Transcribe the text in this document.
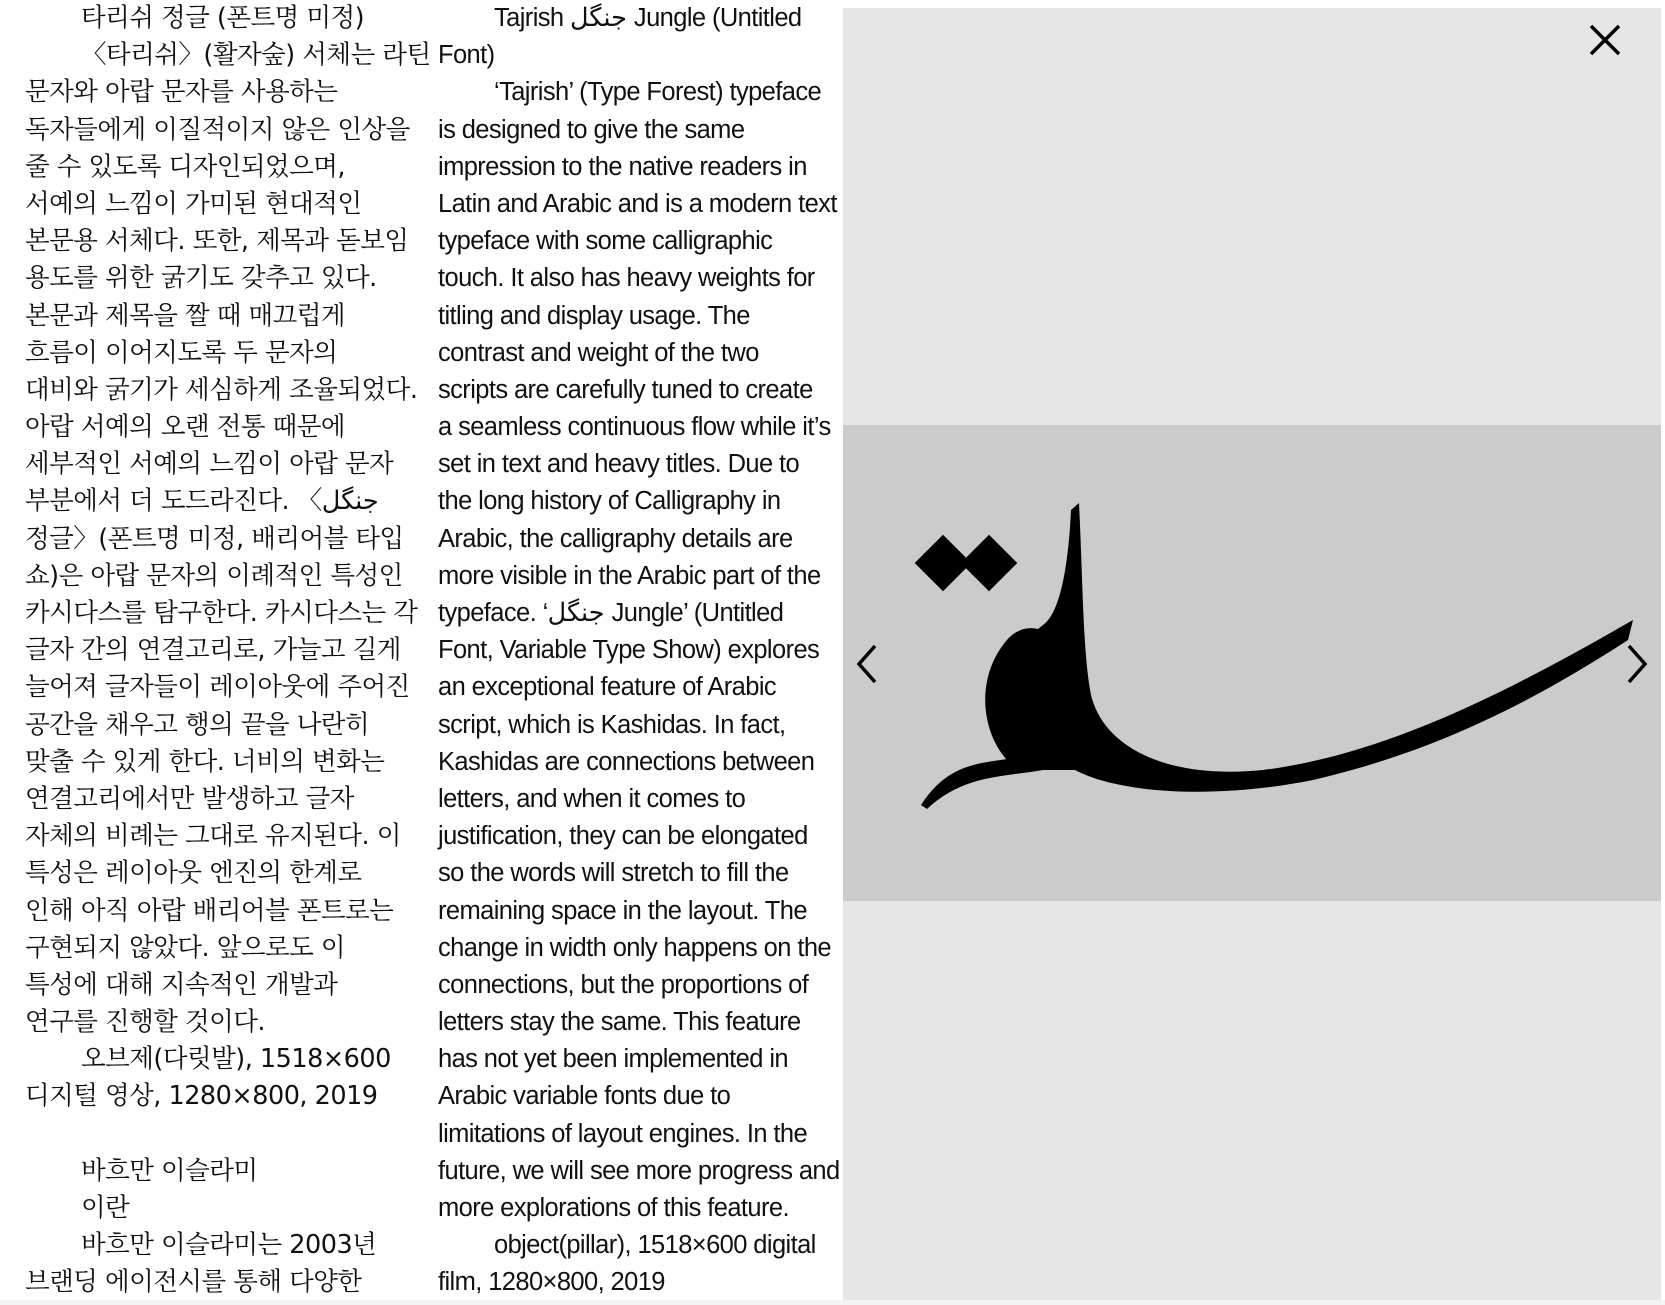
타리쉬 정글 (폰트명 미정)
〈타리쉬〉(활자숲) 서체는 라틴
문자와 아랍 문자를 사용하는
독자들에게 이질적이지 않은 인상을
줄 수 있도록 디자인되었으며,
서예의 느낌이 가미된 현대적인
본문용 서체다. 또한, 제목과 돋보임
용도를 위한 굵기도 갖추고 있다.
본문과 제목을 짤 때 매끄럽게
흐름이 이어지도록 두 문자의
대비와 굵기가 세심하게 조율되었다.
아랍 서예의 오랜 전통 때문에
세부적인 서예의 느낌이 아랍 문자
부분에서 더 도드라진다. 〈جنگل
정글〉(폰트명 미정, 배리어블 타입
쇼)은 아랍 문자의 이례적인 특성인
카시다스를 탐구한다. 카시다스는 각
글자 간의 연결고리로, 가늘고 길게
늘어져 글자들이 레이아웃에 주어진
공간을 채우고 행의 끝을 나란히
맞출 수 있게 한다. 너비의 변화는
연결고리에서만 발생하고 글자
자체의 비례는 그대로 유지된다. 이
특성은 레이아웃 엔진의 한계로
인해 아직 아랍 배리어블 폰트로는
구현되지 않았다. 앞으로도 이
특성에 대해 지속적인 개발과
연구를 진행할 것이다.
오브제(다릿발), 1518×600
디지털 영상, 1280×800, 2019
바흐만 이슬라미
이란
바흐만 이슬라미는 2003년
브랜딩 에이전시를 통해 다양한
Tajrish جنگل Jungle (Untitled
Font)
‘Tajrish’ (Type Forest) typeface
is designed to give the same
impression to the native readers in
Latin and Arabic and is a modern text
typeface with some calligraphic
touch. It also has heavy weights for
titling and display usage. The
contrast and weight of the two
scripts are carefully tuned to create
a seamless continuous flow while it’s
set in text and heavy titles. Due to
the long history of Calligraphy in
Arabic, the calligraphy details are
more visible in the Arabic part of the
typeface. ‘جنگل Jungle’ (Untitled
Font, Variable Type Show) explores
an exceptional feature of Arabic
script, which is Kashidas. In fact,
Kashidas are connections between
letters, and when it comes to
justification, they can be elongated
so the words will stretch to fill the
remaining space in the layout. The
change in width only happens on the
connections, but the proportions of
letters stay the same. This feature
has not yet been implemented in
Arabic variable fonts due to
limitations of layout engines. In the
future, we will see more progress and
more explorations of this feature.
object(pillar), 1518×600 digital
film, 1280×800, 2019
